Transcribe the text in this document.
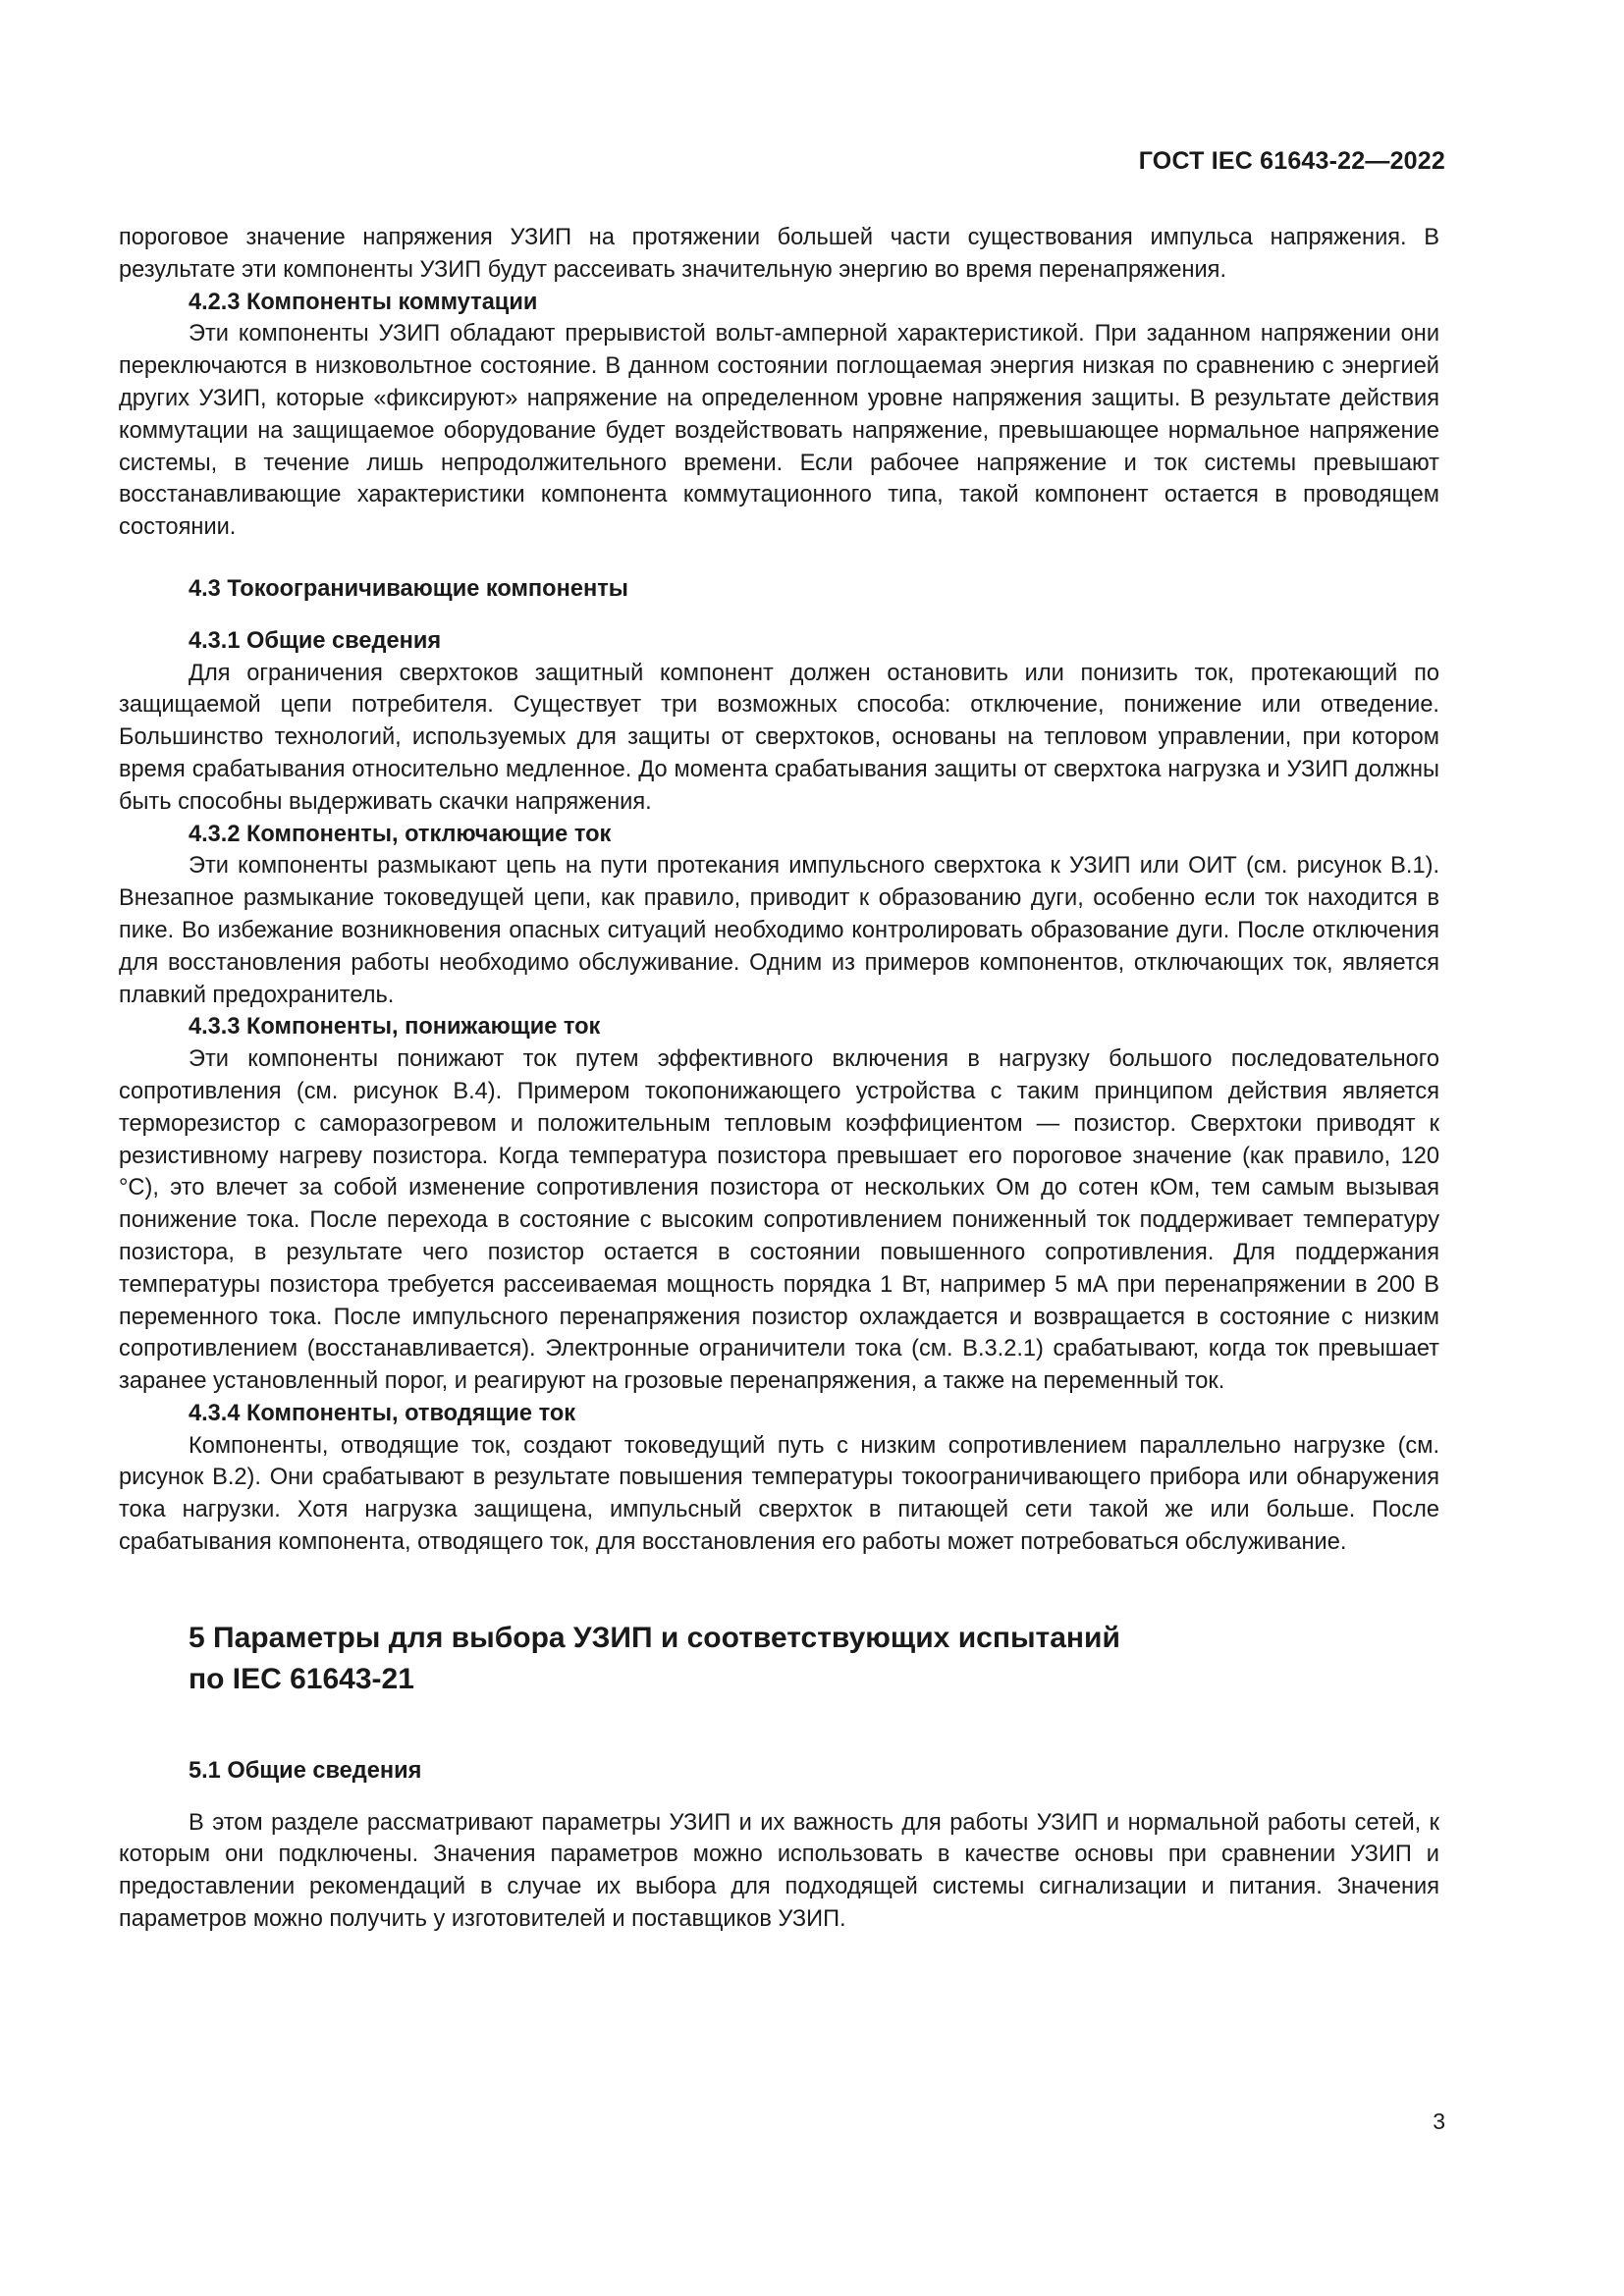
ГОСТ IEC 61643-22—2022

пороговое значение напряжения УЗИП на протяжении большей части существования импульса напряжения. В результате эти компоненты УЗИП будут рассеивать значительную энергию во время перенапряжения.

4.2.3 Компоненты коммутации

Эти компоненты УЗИП обладают прерывистой вольт-амперной характеристикой. При заданном напряжении они переключаются в низковольтное состояние. В данном состоянии поглощаемая энергия низкая по сравнению с энергией других УЗИП, которые «фиксируют» напряжение на определенном уровне напряжения защиты. В результате действия коммутации на защищаемое оборудование будет воздействовать напряжение, превышающее нормальное напряжение системы, в течение лишь непродолжительного времени. Если рабочее напряжение и ток системы превышают восстанавливающие характеристики компонента коммутационного типа, такой компонент остается в проводящем состоянии.

4.3 Токоограничивающие компоненты

4.3.1 Общие сведения

Для ограничения сверхтоков защитный компонент должен остановить или понизить ток, протекающий по защищаемой цепи потребителя. Существует три возможных способа: отключение, понижение или отведение. Большинство технологий, используемых для защиты от сверхтоков, основаны на тепловом управлении, при котором время срабатывания относительно медленное. До момента срабатывания защиты от сверхтока нагрузка и УЗИП должны быть способны выдерживать скачки напряжения.

4.3.2 Компоненты, отключающие ток

Эти компоненты размыкают цепь на пути протекания импульсного сверхтока к УЗИП или ОИТ (см. рисунок В.1). Внезапное размыкание токоведущей цепи, как правило, приводит к образованию дуги, особенно если ток находится в пике. Во избежание возникновения опасных ситуаций необходимо контролировать образование дуги. После отключения для восстановления работы необходимо обслуживание. Одним из примеров компонентов, отключающих ток, является плавкий предохранитель.

4.3.3 Компоненты, понижающие ток

Эти компоненты понижают ток путем эффективного включения в нагрузку большого последовательного сопротивления (см. рисунок В.4). Примером токопонижающего устройства с таким принципом действия является терморезистор с саморазогревом и положительным тепловым коэффициентом — позистор. Сверхтоки приводят к резистивному нагреву позистора. Когда температура позистора превышает его пороговое значение (как правило, 120 °С), это влечет за собой изменение сопротивления позистора от нескольких Ом до сотен кОм, тем самым вызывая понижение тока. После перехода в состояние с высоким сопротивлением пониженный ток поддерживает температуру позистора, в результате чего позистор остается в состоянии повышенного сопротивления. Для поддержания температуры позистора требуется рассеиваемая мощность порядка 1 Вт, например 5 мА при перенапряжении в 200 В переменного тока. После импульсного перенапряжения позистор охлаждается и возвращается в состояние с низким сопротивлением (восстанавливается). Электронные ограничители тока (см. В.3.2.1) срабатывают, когда ток превышает заранее установленный порог, и реагируют на грозовые перенапряжения, а также на переменный ток.

4.3.4 Компоненты, отводящие ток

Компоненты, отводящие ток, создают токоведущий путь с низким сопротивлением параллельно нагрузке (см. рисунок В.2). Они срабатывают в результате повышения температуры токоограничивающего прибора или обнаружения тока нагрузки. Хотя нагрузка защищена, импульсный сверхток в питающей сети такой же или больше. После срабатывания компонента, отводящего ток, для восстановления его работы может потребоваться обслуживание.

5 Параметры для выбора УЗИП и соответствующих испытаний
по IEC 61643-21

5.1 Общие сведения

В этом разделе рассматривают параметры УЗИП и их важность для работы УЗИП и нормальной работы сетей, к которым они подключены. Значения параметров можно использовать в качестве основы при сравнении УЗИП и предоставлении рекомендаций в случае их выбора для подходящей системы сигнализации и питания. Значения параметров можно получить у изготовителей и поставщиков УЗИП.

3
